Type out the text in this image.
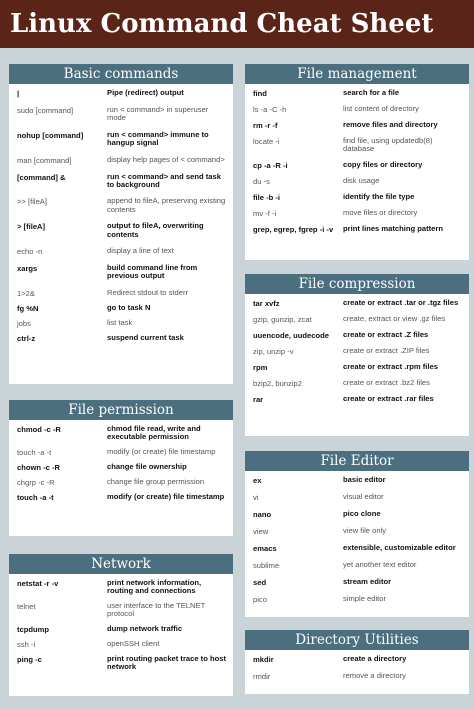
Linux Command Cheat Sheet
Basic commands
|	Pipe (redirect) output
sudo [command]	run < command> in superuser mode
nohup [command]	run < command> immune to hangup signal
man [command]	display help pages of < command>
[command] &	run < command> and send task to background
>> [fileA]	append to fileA, preserving existing contents
> [fileA]	output to fileA, overwriting contents
echo -n	display a line of text
xargs	build command line from previous output
1>2&	Redirect stdout to stderr
fg %N	go to task N
jobs	list task
ctrl-z	suspend current task
File permission
chmod -c -R	chmod file read, write and executable permission
touch -a -t	modify (or create) file timestamp
chown -c -R	change file ownership
chgrp -c -R	change file group permission
touch -a -t	modify (or create) file timestamp
Network
netstat -r -v	print network information, routing and connections
telnet	user interface to the TELNET protocol
tcpdump	dump network traffic
ssh -i	openSSH client
ping -c	print routing packet trace to host network
File management
find	search for a file
ls -a -C -h	list content of directory
rm -r -f	remove files and directory
locate -i	find file, using updatedb(8) database
cp -a -R -i	copy files or directory
du -s	disk usage
file -b -i	identify the file type
mv -f -i	move files or directory
grep, egrep, fgrep -i -v	print lines matching pattern
File compression
tar xvfz	create or extract .tar or .tgz files
gzip, gunzip, zcat	create, extract or view .gz files
uuencode, uudecode	create or extract .Z files
zip, unzip -v	create or extract .ZIP files
rpm	create or extract .rpm files
bzip2, bunzip2	create or extract .bz2 files
rar	create or extract .rar files
File Editor
ex	basic editor
vi	visual editor
nano	pico clone
view	view file only
emacs	extensible, customizable editor
sublime	yet another text editor
sed	stream editor
pico	simple editor
Directory Utilities
mkdir	create a directory
rmdir	remove a directory
